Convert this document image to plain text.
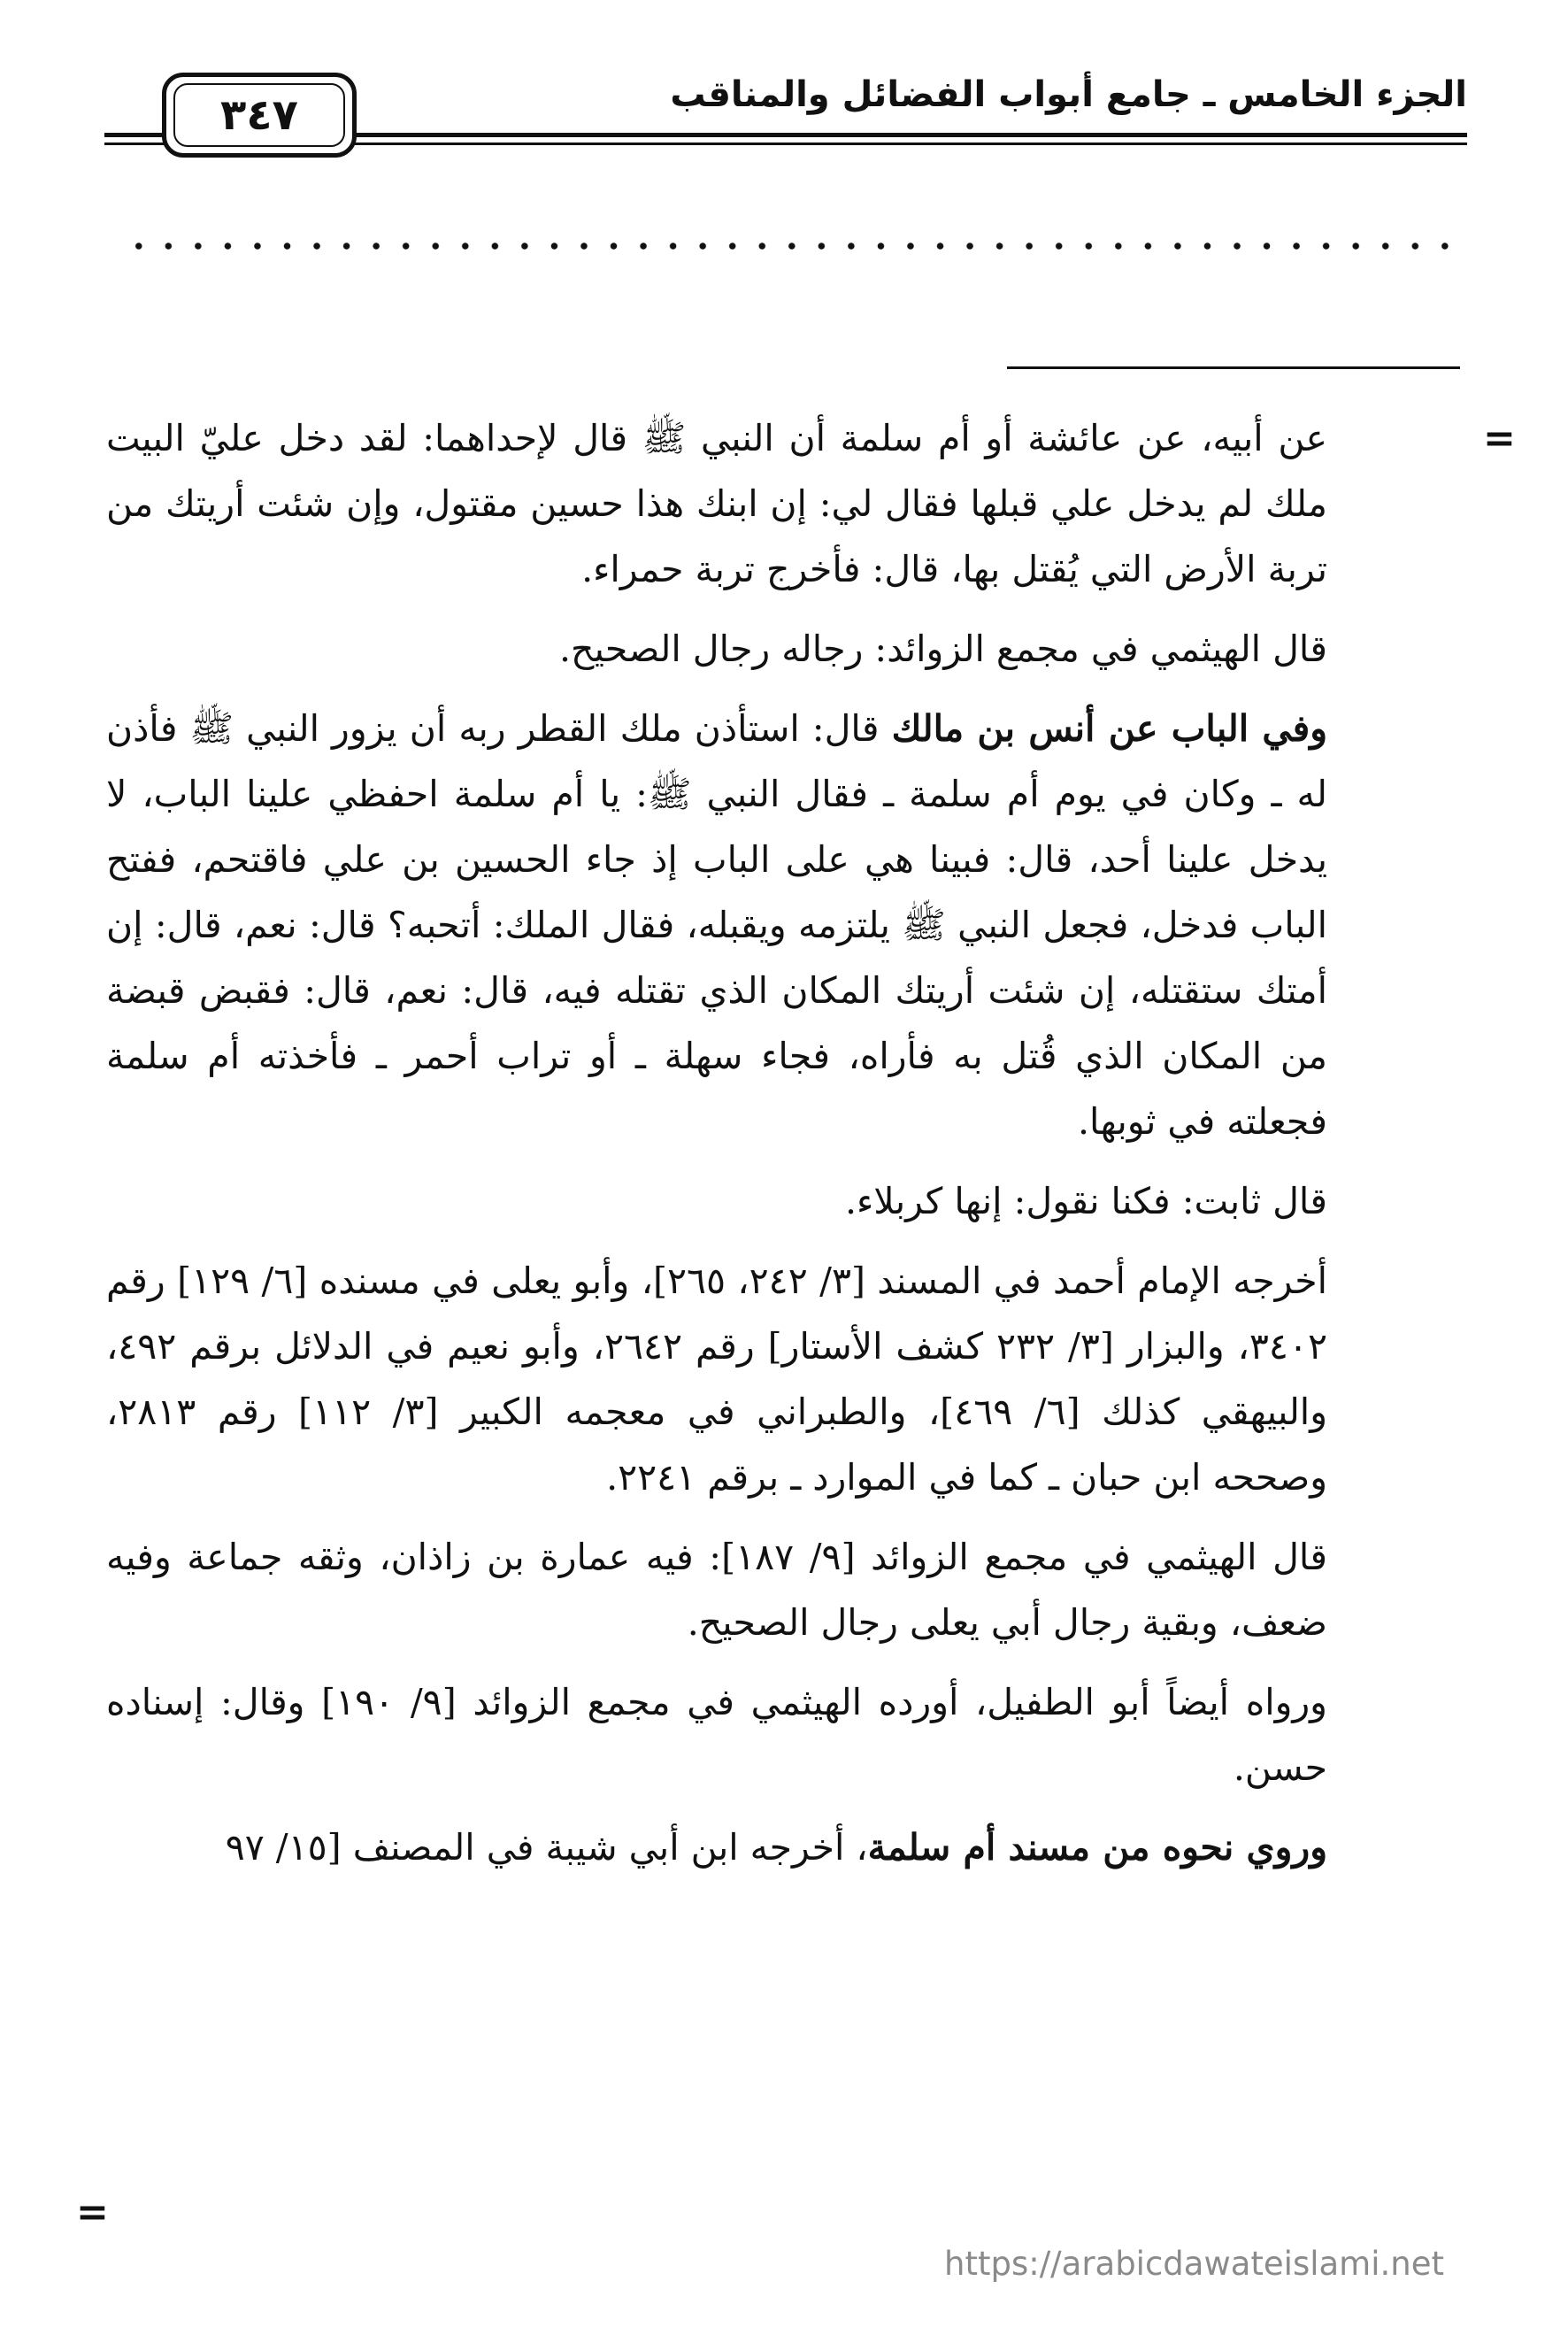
الجزء الخامس ـ جامع أبواب الفضائل والمناقب
٣٤٧
=

عن أبيه، عن عائشة أو أم سلمة أن النبي ﷺ قال لإحداهما: لقد دخل عليّ البيت ملك لم يدخل علي قبلها فقال لي: إن ابنك هذا حسين مقتول، وإن شئت أريتك من تربة الأرض التي يُقتل بها، قال: فأخرج تربة حمراء.

قال الهيثمي في مجمع الزوائد: رجاله رجال الصحيح.

وفي الباب عن أنس بن مالك قال: استأذن ملك القطر ربه أن يزور النبي ﷺ فأذن له ـ وكان في يوم أم سلمة ـ فقال النبي ﷺ: يا أم سلمة احفظي علينا الباب، لا يدخل علينا أحد، قال: فبينا هي على الباب إذ جاء الحسين بن علي فاقتحم، ففتح الباب فدخل، فجعل النبي ﷺ يلتزمه ويقبله، فقال الملك: أتحبه؟ قال: نعم، قال: إن أمتك ستقتله، إن شئت أريتك المكان الذي تقتله فيه، قال: نعم، قال: فقبض قبضة من المكان الذي قُتل به فأراه، فجاء سهلة ـ أو تراب أحمر ـ فأخذته أم سلمة فجعلته في ثوبها.

قال ثابت: فكنا نقول: إنها كربلاء.

أخرجه الإمام أحمد في المسند [٣/ ٢٤٢، ٢٦٥]، وأبو يعلى في مسنده [٦/ ١٢٩] رقم ٣٤٠٢، والبزار [٣/ ٢٣٢ كشف الأستار] رقم ٢٦٤٢، وأبو نعيم في الدلائل برقم ٤٩٢، والبيهقي كذلك [٦/ ٤٦٩]، والطبراني في معجمه الكبير [٣/ ١١٢] رقم ٢٨١٣، وصححه ابن حبان ـ كما في الموارد ـ برقم ٢٢٤١.

قال الهيثمي في مجمع الزوائد [٩/ ١٨٧]: فيه عمارة بن زاذان، وثقه جماعة وفيه ضعف، وبقية رجال أبي يعلى رجال الصحيح.

ورواه أيضاً أبو الطفيل، أورده الهيثمي في مجمع الزوائد [٩/ ١٩٠] وقال: إسناده حسن.

وروي نحوه من مسند أم سلمة، أخرجه ابن أبي شيبة في المصنف [١٥/ ٩٧

=
https://arabicdawateislami.net
